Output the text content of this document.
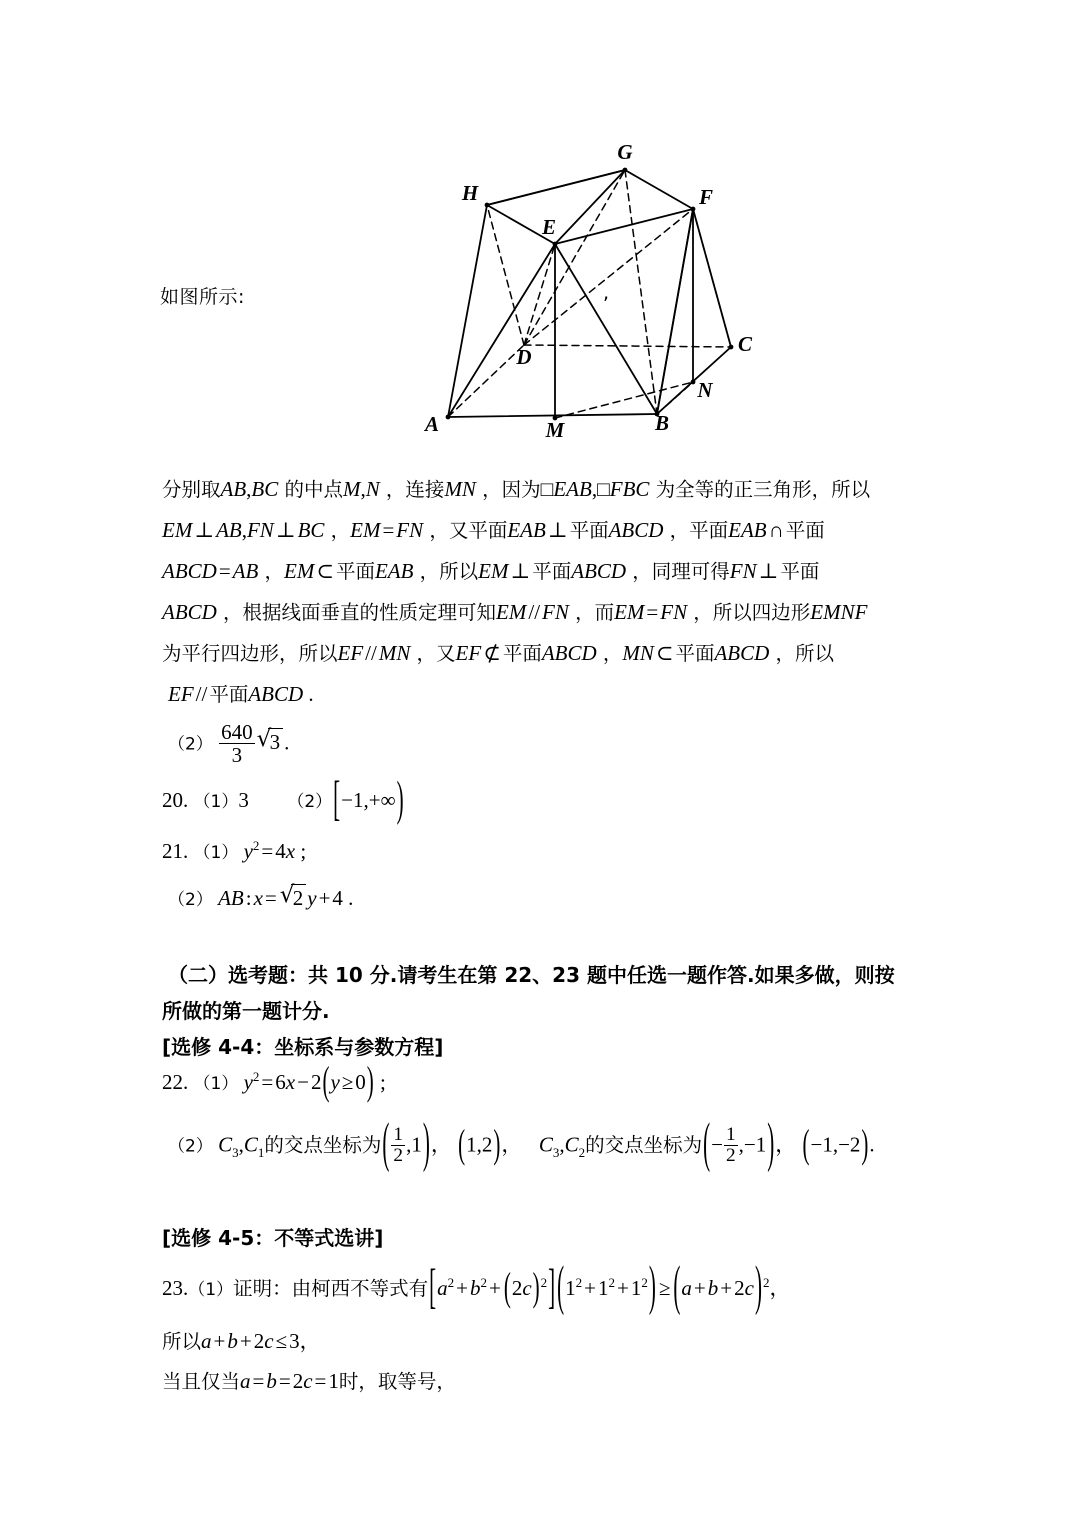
如图所示:	,
A	B
C
D
E
F
G
H
M
N
分别取AB,BC 的中点M,N ，连接MN ，因为□EAB,□FBC 为全等的正三角形，所以
EM⊥AB,FN⊥BC ，EM=FN ，又平面EAB⊥ 平面ABCD ，平面EAB∩ 平面
ABCD=AB ，EM⊂ 平面EAB ，所以EM⊥ 平面ABCD ，同理可得FN⊥ 平面
ABCD ，根据线面垂直的性质定理可知EM//FN ，而EM=FN ，所以四边形EMNF
为平行四边形，所以EF//MN ，又EF⊄ 平面ABCD ，MN⊂ 平面ABCD ，所以
EF// 平面ABCD .
$(2) \frac{640}{3}$ √ 3 .
20. （1）3 （2）[−1,+∞)
21. （1） $y^2=4x$ ;
（2） AB:x= √ 2 y+4 .
（二）选考题：共 10 分.请考生在第 22、23 题中任选一题作答.如果多做，则按
所做的第一题计分.
[选修 4-4：坐标系与参数方程]
22. （1） $y^2=6x-2(y\ge 0)$ ;
（2） $C_3,C_1$的交点坐标为( $\frac{1}{2} ,1$)， (1,2)， $C_3,C_2$的交点坐标为(− $\frac{1}{2} ,-1$)， (−1,−2).
[选修 4-5：不等式选讲]
23.（1）证明：由柯西不等式有$[a^2+b^2+ (2c)^2](1^2+1^2+1^2) \ge (a+b+2c)^2$，
所以a+b+2c≤3，
当且仅当a=b=2c=1时，取等号，
